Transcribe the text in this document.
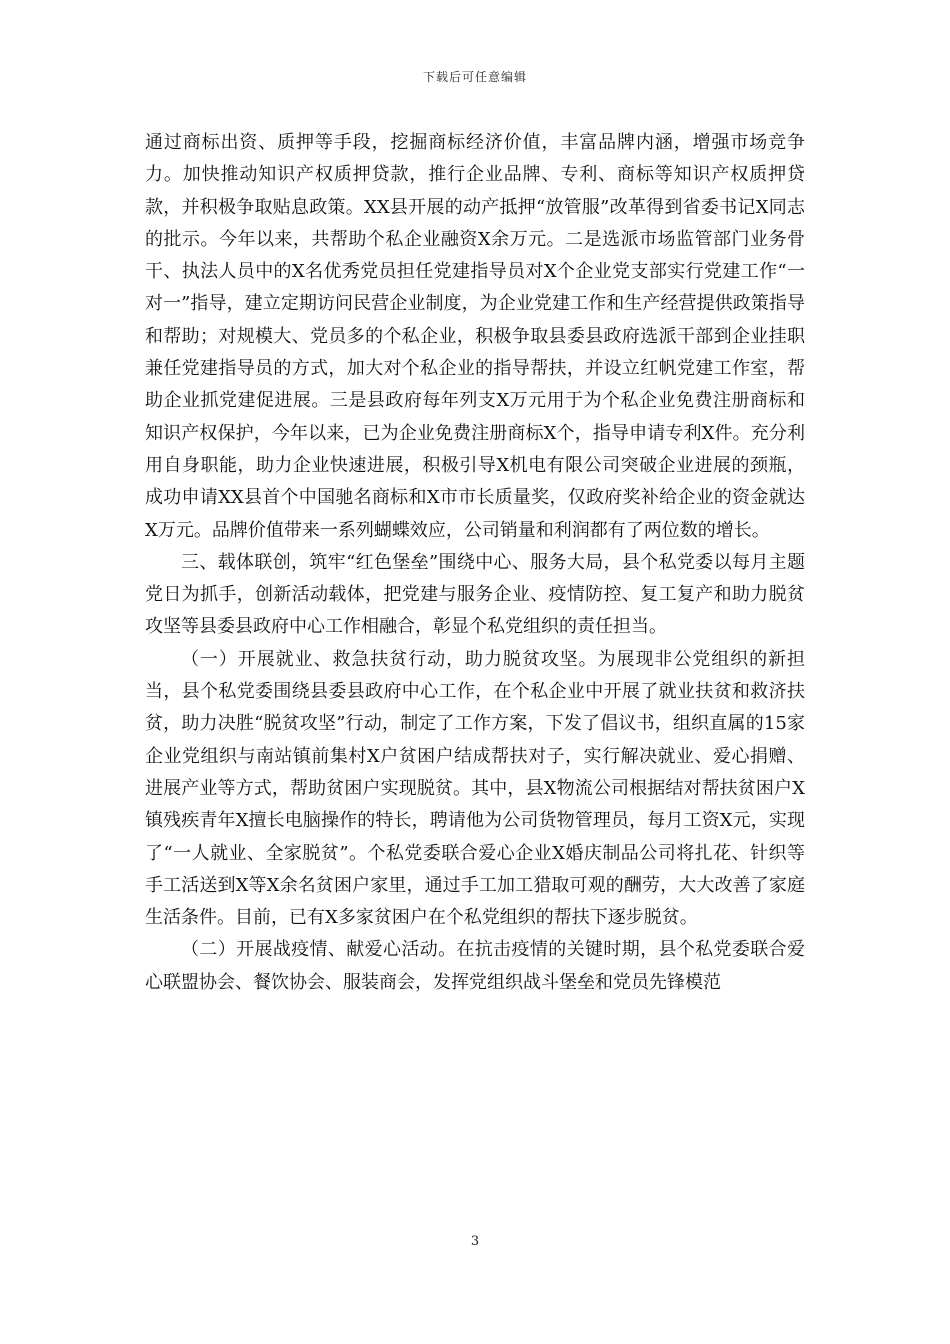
下载后可任意编辑

通过商标出资、质押等手段，挖掘商标经济价值，丰富品牌内涵，增强市场竞争力。加快推动知识产权质押贷款，推行企业品牌、专利、商标等知识产权质押贷款，并积极争取贴息政策。XX县开展的动产抵押“放管服”改革得到省委书记X同志的批示。今年以来，共帮助个私企业融资X余万元。二是选派市场监管部门业务骨干、执法人员中的X名优秀党员担任党建指导员对X个企业党支部实行党建工作“一对一”指导，建立定期访问民营企业制度，为企业党建工作和生产经营提供政策指导和帮助；对规模大、党员多的个私企业，积极争取县委县政府选派干部到企业挂职兼任党建指导员的方式，加大对个私企业的指导帮扶，并设立红帆党建工作室，帮助企业抓党建促进展。三是县政府每年列支X万元用于为个私企业免费注册商标和知识产权保护，今年以来，已为企业免费注册商标X个，指导申请专利X件。充分利用自身职能，助力企业快速进展，积极引导X机电有限公司突破企业进展的颈瓶，成功申请XX县首个中国驰名商标和X市市长质量奖，仅政府奖补给企业的资金就达X万元。品牌价值带来一系列蝴蝶效应，公司销量和利润都有了两位数的增长。

三、载体联创，筑牢“红色堡垒”围绕中心、服务大局，县个私党委以每月主题党日为抓手，创新活动载体，把党建与服务企业、疫情防控、复工复产和助力脱贫攻坚等县委县政府中心工作相融合，彰显个私党组织的责任担当。

（一）开展就业、救急扶贫行动，助力脱贫攻坚。为展现非公党组织的新担当，县个私党委围绕县委县政府中心工作，在个私企业中开展了就业扶贫和救济扶贫，助力决胜“脱贫攻坚”行动，制定了工作方案，下发了倡议书，组织直属的15家企业党组织与南站镇前集村X户贫困户结成帮扶对子，实行解决就业、爱心捐赠、进展产业等方式，帮助贫困户实现脱贫。其中，县X物流公司根据结对帮扶贫困户X镇残疾青年X擅长电脑操作的特长，聘请他为公司货物管理员，每月工资X元，实现了“一人就业、全家脱贫”。个私党委联合爱心企业X婚庆制品公司将扎花、针织等手工活送到X等X余名贫困户家里，通过手工加工猎取可观的酬劳，大大改善了家庭生活条件。目前，已有X多家贫困户在个私党组织的帮扶下逐步脱贫。

（二）开展战疫情、献爱心活动。在抗击疫情的关键时期，县个私党委联合爱心联盟协会、餐饮协会、服装商会，发挥党组织战斗堡垒和党员先锋模范

3
